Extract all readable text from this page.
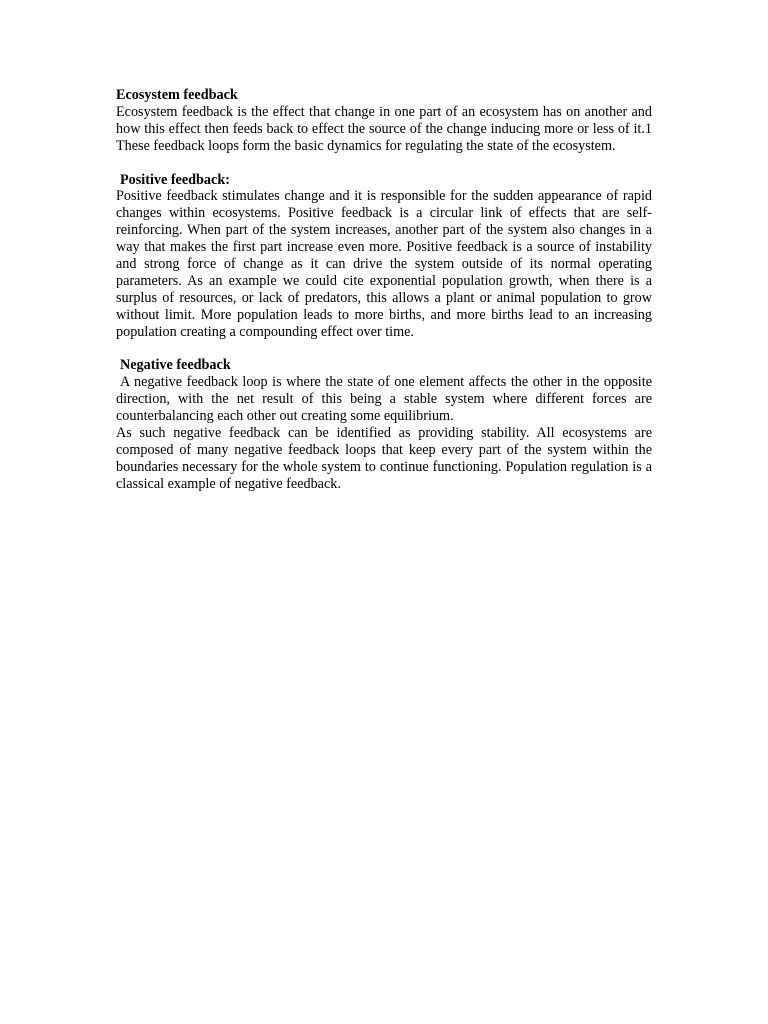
Ecosystem feedback

Ecosystem feedback is the effect that change in one part of an ecosystem has on another and how this effect then feeds back to effect the source of the change inducing more or less of it.1 These feedback loops form the basic dynamics for regulating the state of the ecosystem.

Positive feedback:

Positive feedback stimulates change and it is responsible for the sudden appearance of rapid changes within ecosystems. Positive feedback is a circular link of effects that are self-reinforcing. When part of the system increases, another part of the system also changes in a way that makes the first part increase even more. Positive feedback is a source of instability and strong force of change as it can drive the system outside of its normal operating parameters. As an example we could cite exponential population growth, when there is a surplus of resources, or lack of predators, this allows a plant or animal population to grow without limit. More population leads to more births, and more births lead to an increasing population creating a compounding effect over time.

Negative feedback

A negative feedback loop is where the state of one element affects the other in the opposite direction, with the net result of this being a stable system where different forces are counterbalancing each other out creating some equilibrium.

As such negative feedback can be identified as providing stability. All ecosystems are composed of many negative feedback loops that keep every part of the system within the boundaries necessary for the whole system to continue functioning. Population regulation is a classical example of negative feedback.
